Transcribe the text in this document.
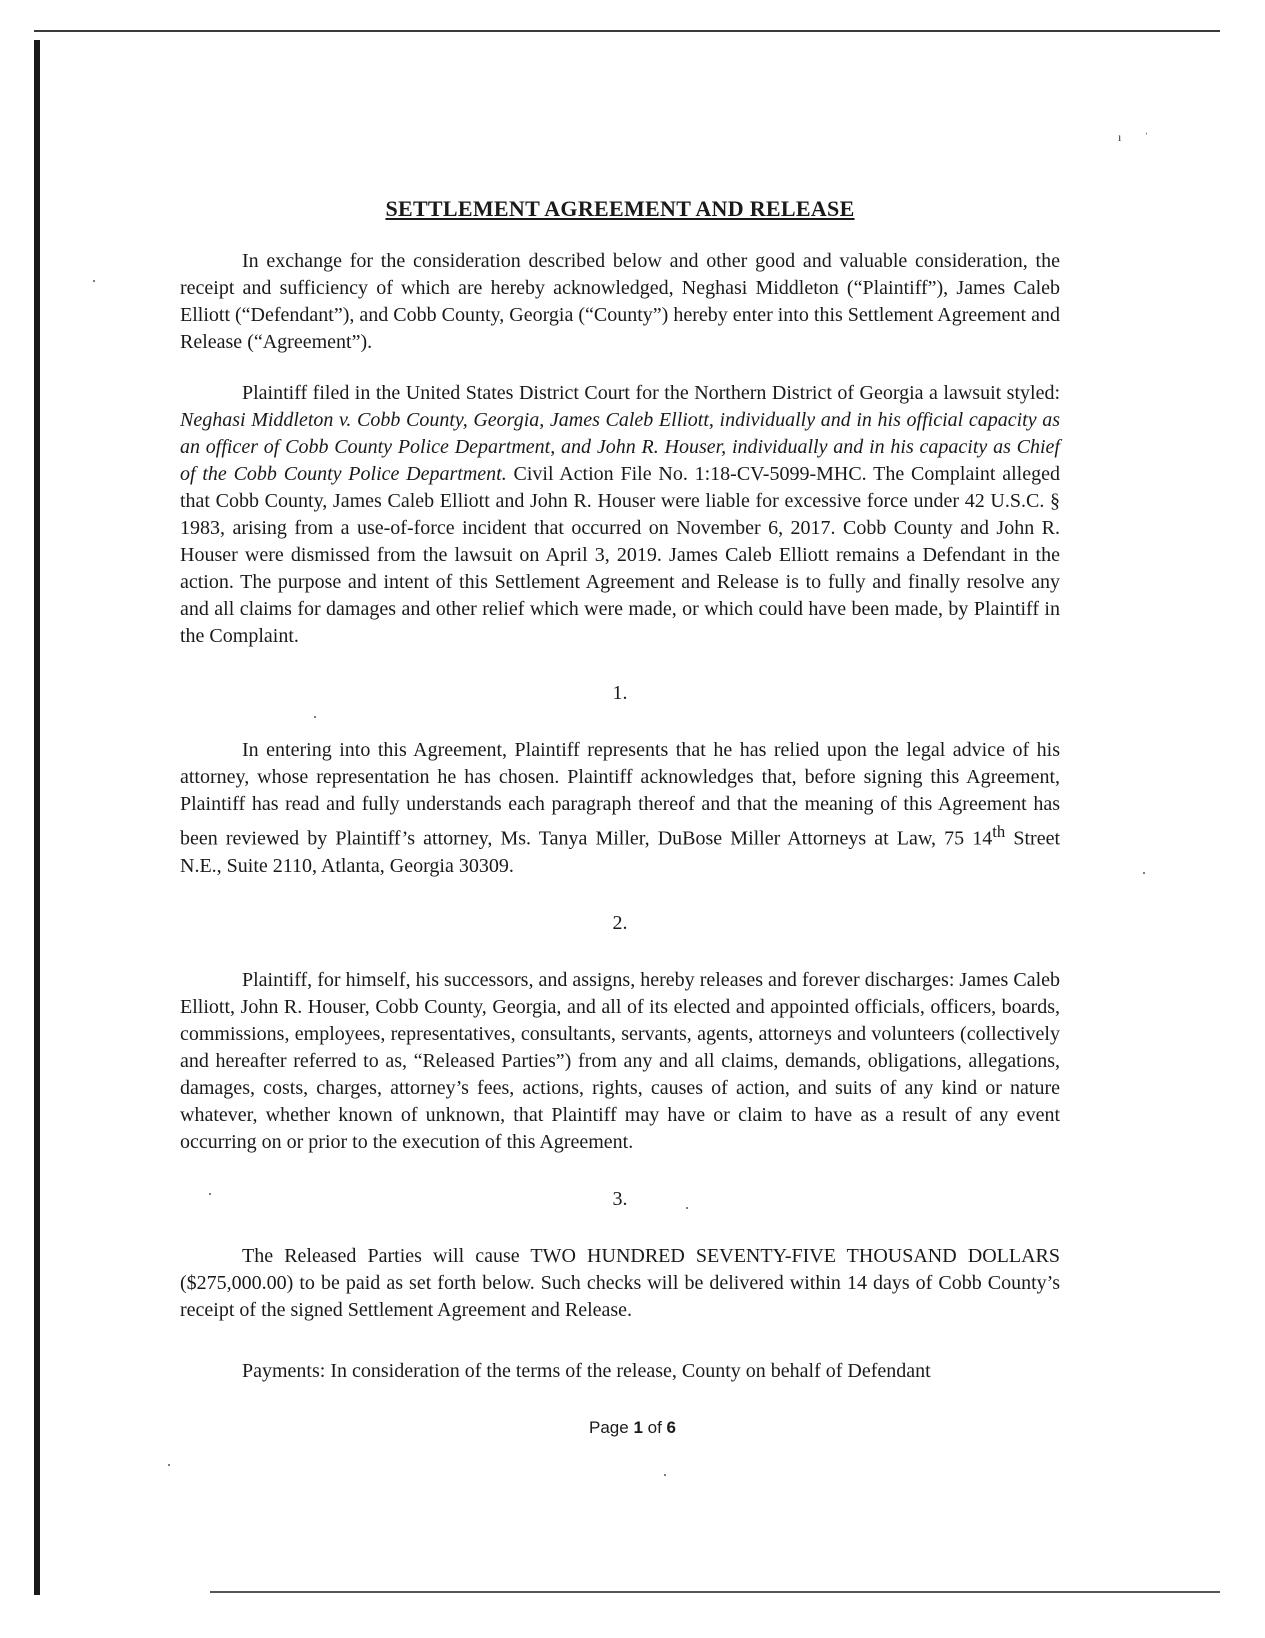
ı ˈ
SETTLEMENT AGREEMENT AND RELEASE

In exchange for the consideration described below and other good and valuable consideration, the receipt and sufficiency of which are hereby acknowledged, Neghasi Middleton (“Plaintiff”), James Caleb Elliott (“Defendant”), and Cobb County, Georgia (“County”) hereby enter into this Settlement Agreement and Release (“Agreement”).

Plaintiff filed in the United States District Court for the Northern District of Georgia a lawsuit styled: Neghasi Middleton v. Cobb County, Georgia, James Caleb Elliott, individually and in his official capacity as an officer of Cobb County Police Department, and John R. Houser, individually and in his capacity as Chief of the Cobb County Police Department. Civil Action File No. 1:18-CV-5099-MHC. The Complaint alleged that Cobb County, James Caleb Elliott and John R. Houser were liable for excessive force under 42 U.S.C. § 1983, arising from a use-of-force incident that occurred on November 6, 2017. Cobb County and John R. Houser were dismissed from the lawsuit on April 3, 2019. James Caleb Elliott remains a Defendant in the action. The purpose and intent of this Settlement Agreement and Release is to fully and finally resolve any and all claims for damages and other relief which were made, or which could have been made, by Plaintiff in the Complaint.

1.

In entering into this Agreement, Plaintiff represents that he has relied upon the legal advice of his attorney, whose representation he has chosen. Plaintiff acknowledges that, before signing this Agreement, Plaintiff has read and fully understands each paragraph thereof and that the meaning of this Agreement has been reviewed by Plaintiff’s attorney, Ms. Tanya Miller, DuBose Miller Attorneys at Law, 75 14th Street N.E., Suite 2110, Atlanta, Georgia 30309.

2.

Plaintiff, for himself, his successors, and assigns, hereby releases and forever discharges: James Caleb Elliott, John R. Houser, Cobb County, Georgia, and all of its elected and appointed officials, officers, boards, commissions, employees, representatives, consultants, servants, agents, attorneys and volunteers (collectively and hereafter referred to as, “Released Parties”) from any and all claims, demands, obligations, allegations, damages, costs, charges, attorney’s fees, actions, rights, causes of action, and suits of any kind or nature whatever, whether known of unknown, that Plaintiff may have or claim to have as a result of any event occurring on or prior to the execution of this Agreement.

3.

The Released Parties will cause TWO HUNDRED SEVENTY-FIVE THOUSAND DOLLARS ($275,000.00) to be paid as set forth below. Such checks will be delivered within 14 days of Cobb County’s receipt of the signed Settlement Agreement and Release.

Payments: In consideration of the terms of the release, County on behalf of Defendant

Page 1 of 6
